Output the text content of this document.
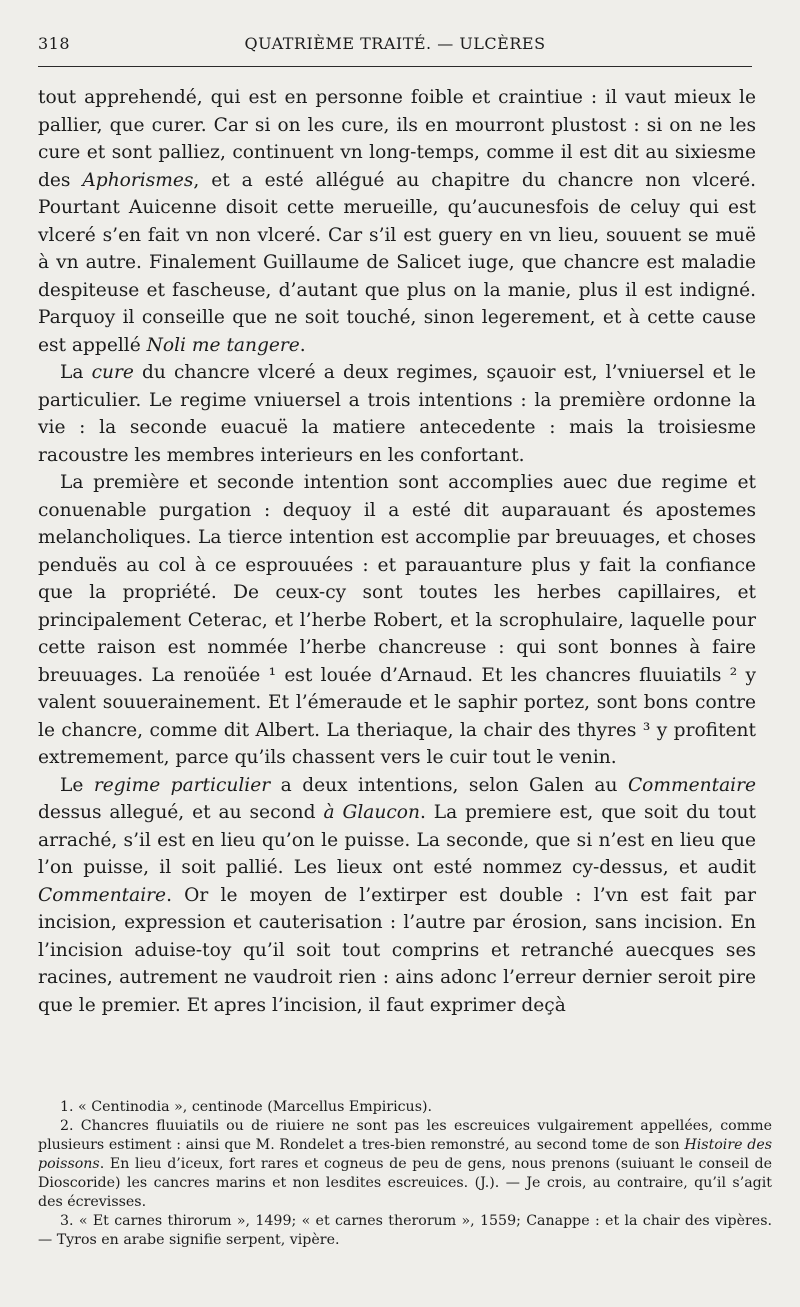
318	QUATRIÈME TRAITÉ. — ULCÈRES

tout apprehendé, qui est en personne foible et craintiue : il vaut mieux le pallier, que curer. Car si on les cure, ils en mourront plustost : si on ne les cure et sont palliez, continuent vn long-temps, comme il est dit au sixiesme des Aphorismes, et a esté allégué au chapitre du chancre non vlceré. Pourtant Auicenne disoit cette merueille, qu’aucunesfois de celuy qui est vlceré s’en fait vn non vlceré. Car s’il est guery en vn lieu, souuent se muë à vn autre. Finalement Guillaume de Salicet iuge, que chancre est maladie despiteuse et fascheuse, d’autant que plus on la manie, plus il est indigné. Parquoy il conseille que ne soit touché, sinon legerement, et à cette cause est appellé Noli me tangere.

La cure du chancre vlceré a deux regimes, sçauoir est, l’vniuersel et le particulier. Le regime vniuersel a trois intentions : la première ordonne la vie : la seconde euacuë la matiere antecedente : mais la troisiesme racoustre les membres interieurs en les confortant.

La première et seconde intention sont accomplies auec due regime et conuenable purgation : dequoy il a esté dit auparauant és apostemes melancholiques. La tierce intention est accomplie par breuuages, et choses penduës au col à ce esprouuées : et parauanture plus y fait la confiance que la propriété. De ceux-cy sont toutes les herbes capillaires, et principalement Ceterac, et l’herbe Robert, et la scrophulaire, laquelle pour cette raison est nommée l’herbe chancreuse : qui sont bonnes à faire breuuages. La renoüée ¹ est louée d’Arnaud. Et les chancres fluuiatils ² y valent souuerainement. Et l’émeraude et le saphir portez, sont bons contre le chancre, comme dit Albert. La theriaque, la chair des thyres ³ y profitent extremement, parce qu’ils chassent vers le cuir tout le venin.

Le regime particulier a deux intentions, selon Galen au Commentaire dessus allegué, et au second à Glaucon. La premiere est, que soit du tout arraché, s’il est en lieu qu’on le puisse. La seconde, que si n’est en lieu que l’on puisse, il soit pallié. Les lieux ont esté nommez cy-dessus, et audit Commentaire. Or le moyen de l’extirper est double : l’vn est fait par incision, expression et cauterisation : l’autre par érosion, sans incision. En l’incision aduise-toy qu’il soit tout comprins et retranché auecques ses racines, autrement ne vaudroit rien : ains adonc l’erreur dernier seroit pire que le premier. Et apres l’incision, il faut exprimer deçà

1. « Centinodia », centinode (Marcellus Empiricus).

2. Chancres fluuiatils ou de riuiere ne sont pas les escreuices vulgairement appellées, comme plusieurs estiment : ainsi que M. Rondelet a tres-bien remonstré, au second tome de son Histoire des poissons. En lieu d’iceux, fort rares et cogneus de peu de gens, nous prenons (suiuant le conseil de Dioscoride) les cancres marins et non lesdites escreuices. (J.). — Je crois, au contraire, qu’il s’agit des écrevisses.

3. « Et carnes thirorum », 1499; « et carnes therorum », 1559; Canappe : et la chair des vipères. — Tyros en arabe signifie serpent, vipère.
